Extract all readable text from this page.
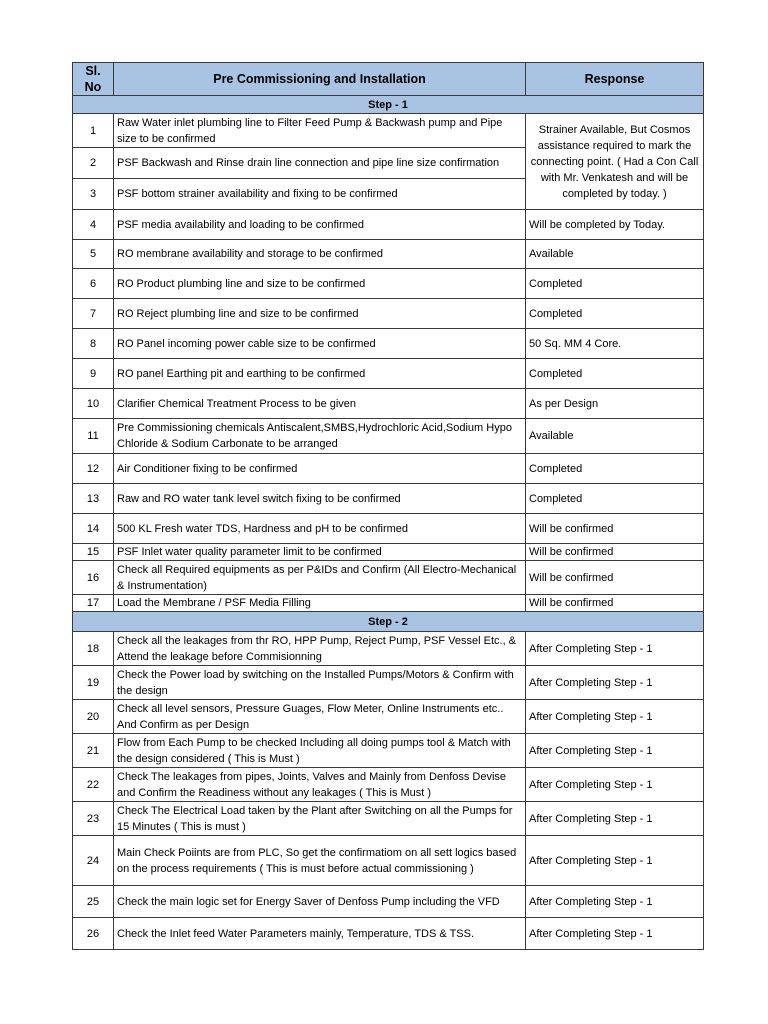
Sl. No	Pre Commissioning and Installation	Response
Step - 1		
1	Raw Water inlet plumbing line to Filter Feed Pump & Backwash pump and Pipe size to be confirmed	Strainer Available, But Cosmos assistance required to mark the connecting point. ( Had a Con Call with Mr. Venkatesh and will be completed by today. )
2	PSF Backwash and Rinse drain line connection and pipe line size confirmation	
3	PSF bottom strainer availability and fixing to be confirmed	
4	PSF media availability and loading to be confirmed	Will be completed by Today.
5	RO membrane availability and storage to be confirmed	Available
6	RO Product plumbing line and size to be confirmed	Completed
7	RO Reject plumbing line and size to be confirmed	Completed
8	RO Panel incoming power cable size to be confirmed	50 Sq. MM 4 Core.
9	RO panel Earthing pit and earthing to be confirmed	Completed
10	Clarifier Chemical Treatment Process to be given	As per Design
11	Pre Commissioning chemicals Antiscalent,SMBS,Hydrochloric Acid,Sodium Hypo Chloride & Sodium Carbonate to be arranged	Available
12	Air Conditioner fixing to be confirmed	Completed
13	Raw and RO water tank level switch fixing to be confirmed	Completed
14	500 KL Fresh water TDS, Hardness and pH to be confirmed	Will be confirmed
15	PSF Inlet water quality parameter limit to be confirmed	Will be confirmed
16	Check all Required equipments as per P&IDs and Confirm (All Electro-Mechanical & Instrumentation)	Will be confirmed
17	Load the Membrane / PSF Media Filling	Will be confirmed
Step - 2		
18	Check all the leakages from thr RO, HPP Pump, Reject Pump, PSF Vessel Etc., & Attend the leakage before Commisionning	After Completing Step - 1
19	Check the Power load by switching on the Installed Pumps/Motors & Confirm with the design	After Completing Step - 1
20	Check all level sensors, Pressure Guages, Flow Meter, Online Instruments etc.. And Confirm as per Design	After Completing Step - 1
21	Flow from Each Pump to be checked Including all doing pumps tool & Match with the design considered ( This is Must )	After Completing Step - 1
22	Check The leakages from pipes, Joints, Valves and Mainly from Denfoss Devise and Confirm the Readiness without any leakages ( This is Must )	After Completing Step - 1
23	Check The Electrical Load taken by the Plant after Switching on all the Pumps for 15 Minutes ( This is must )	After Completing Step - 1
24	Main Check Poiints are from PLC, So get the confirmatiom on all sett logics based on the process requirements ( This is must before actual commissioning )	After Completing Step - 1
25	Check the main logic set for Energy Saver of Denfoss Pump including the VFD	After Completing Step - 1
26	Check the Inlet feed Water Parameters mainly, Temperature, TDS & TSS.	After Completing Step - 1
